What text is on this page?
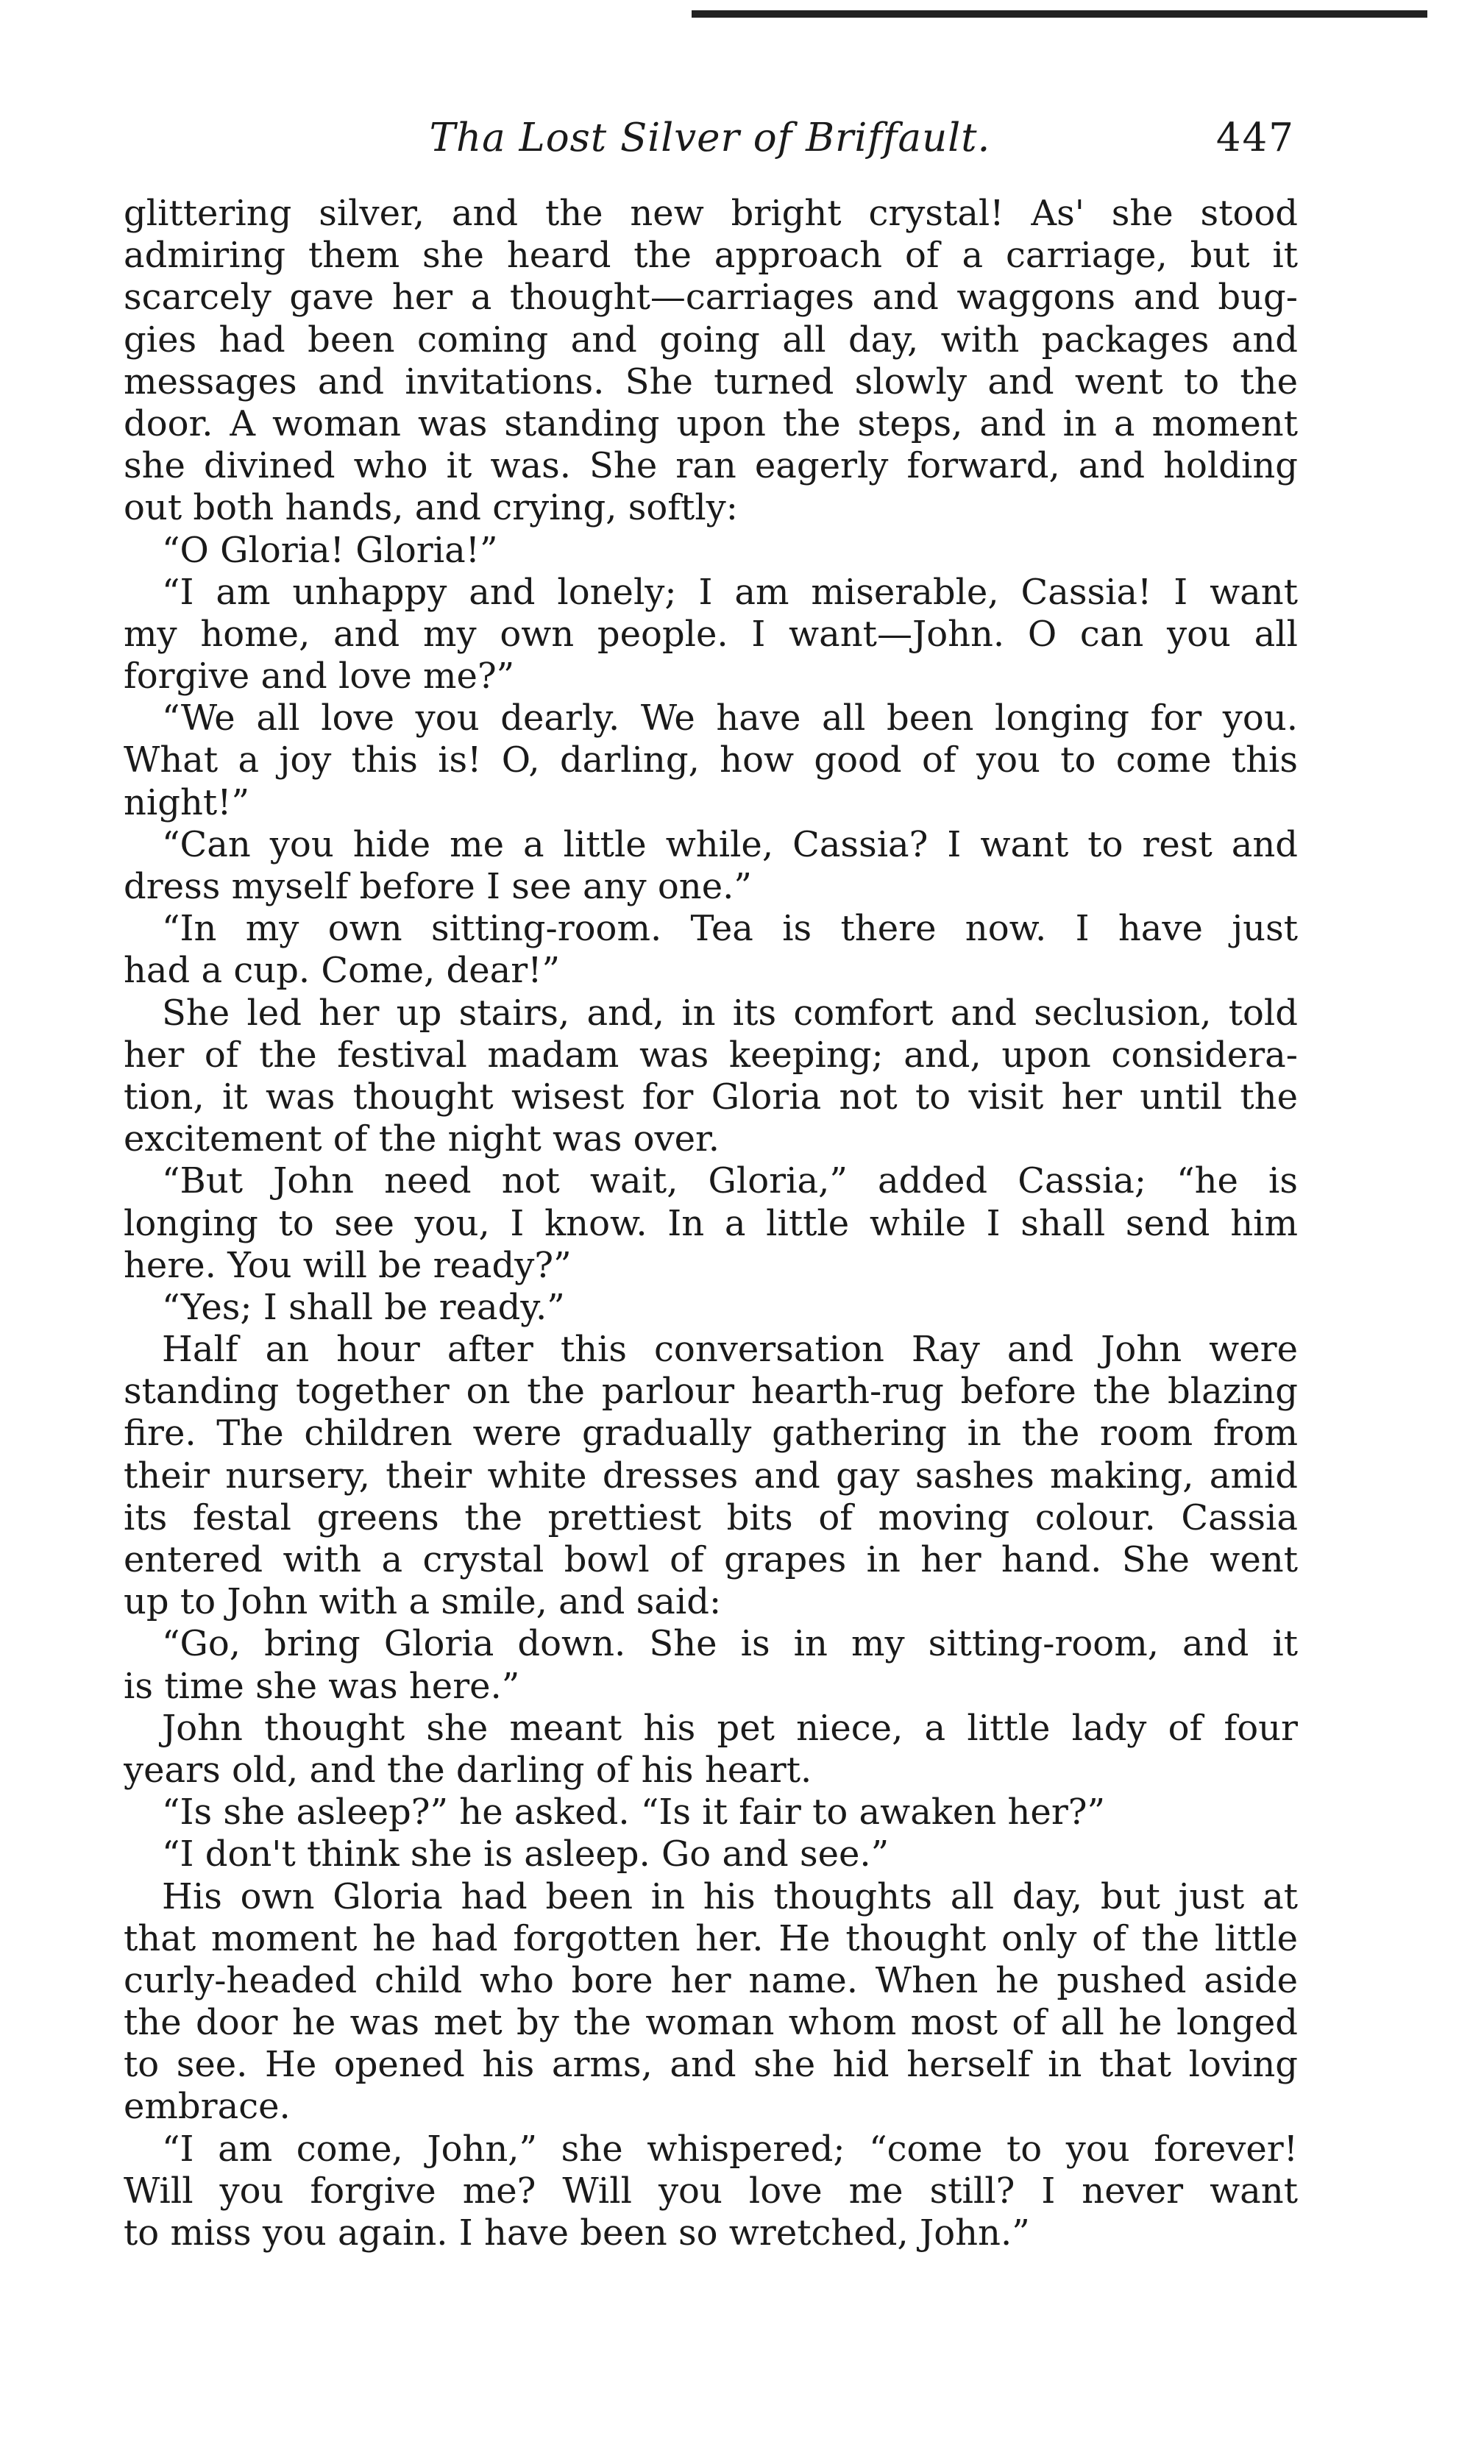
Tha Lost Silver of Briffault.	447
glittering silver, and the new bright crystal! As' she stood
admiring them she heard the approach of a carriage, but it
scarcely gave her a thought—carriages and waggons and bug-
gies had been coming and going all day, with packages and
messages and invitations. She turned slowly and went to the
door. A woman was standing upon the steps, and in a moment
she divined who it was. She ran eagerly forward, and holding
out both hands, and crying, softly:
“O Gloria! Gloria!”
“I am unhappy and lonely; I am miserable, Cassia! I want
my home, and my own people. I want—John. O can you all
forgive and love me?”
“We all love you dearly. We have all been longing for you.
What a joy this is! O, darling, how good of you to come this
night!”
“Can you hide me a little while, Cassia? I want to rest and
dress myself before I see any one.”
“In my own sitting-room. Tea is there now. I have just
had a cup. Come, dear!”
She led her up stairs, and, in its comfort and seclusion, told
her of the festival madam was keeping; and, upon considera-
tion, it was thought wisest for Gloria not to visit her until the
excitement of the night was over.
“But John need not wait, Gloria,” added Cassia; “he is
longing to see you, I know. In a little while I shall send him
here. You will be ready?”
“Yes; I shall be ready.”
Half an hour after this conversation Ray and John were
standing together on the parlour hearth-rug before the blazing
fire. The children were gradually gathering in the room from
their nursery, their white dresses and gay sashes making, amid
its festal greens the prettiest bits of moving colour. Cassia
entered with a crystal bowl of grapes in her hand. She went
up to John with a smile, and said:
“Go, bring Gloria down. She is in my sitting-room, and it
is time she was here.”
John thought she meant his pet niece, a little lady of four
years old, and the darling of his heart.
“Is she asleep?” he asked. “Is it fair to awaken her?”
“I don't think she is asleep. Go and see.”
His own Gloria had been in his thoughts all day, but just at
that moment he had forgotten her. He thought only of the little
curly-headed child who bore her name. When he pushed aside
the door he was met by the woman whom most of all he longed
to see. He opened his arms, and she hid herself in that loving
embrace.
“I am come, John,” she whispered; “come to you forever!
Will you forgive me? Will you love me still? I never want
to miss you again. I have been so wretched, John.”
